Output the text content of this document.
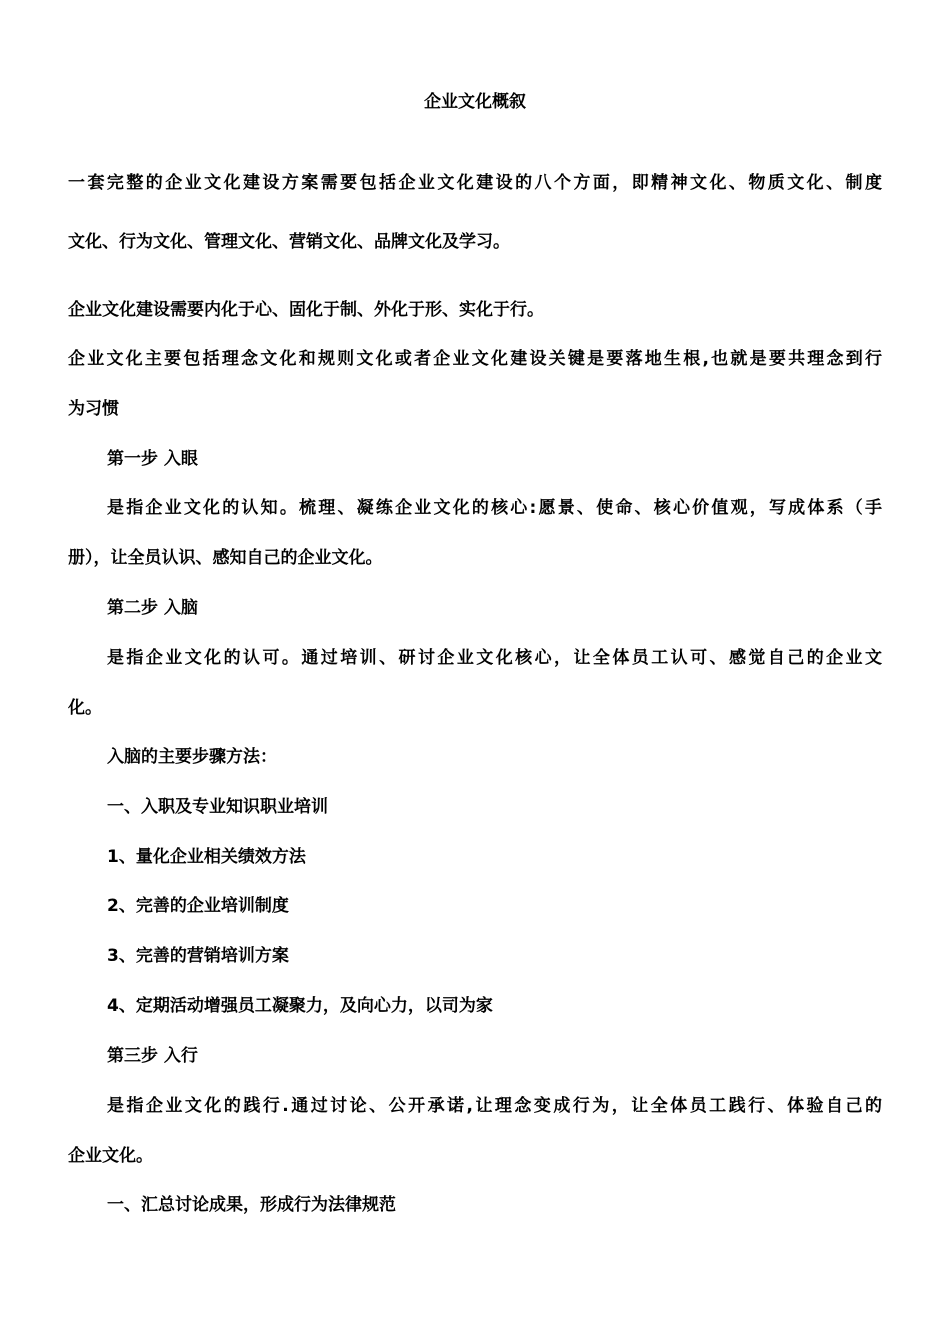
企业文化概叙
一套完整的企业文化建设方案需要包括企业文化建设的八个方面，即精神文化、物质文化、制度
文化、行为文化、管理文化、营销文化、品牌文化及学习。
企业文化建设需要内化于心、固化于制、外化于形、实化于行。
企业文化主要包括理念文化和规则文化或者企业文化建设关键是要落地生根,也就是要共理念到行
为习惯
第一步 入眼
是指企业文化的认知。梳理、凝练企业文化的核心:愿景、使命、核心价值观，写成体系（手
册），让全员认识、感知自己的企业文化。
第二步 入脑
是指企业文化的认可。通过培训、研讨企业文化核心，让全体员工认可、感觉自己的企业文
化。
入脑的主要步骤方法：
一、入职及专业知识职业培训
1、量化企业相关绩效方法
2、完善的企业培训制度
3、完善的营销培训方案
4、定期活动增强员工凝聚力，及向心力，以司为家
第三步 入行
是指企业文化的践行.通过讨论、公开承诺,让理念变成行为，让全体员工践行、体验自己的
企业文化。
一、汇总讨论成果，形成行为法律规范
